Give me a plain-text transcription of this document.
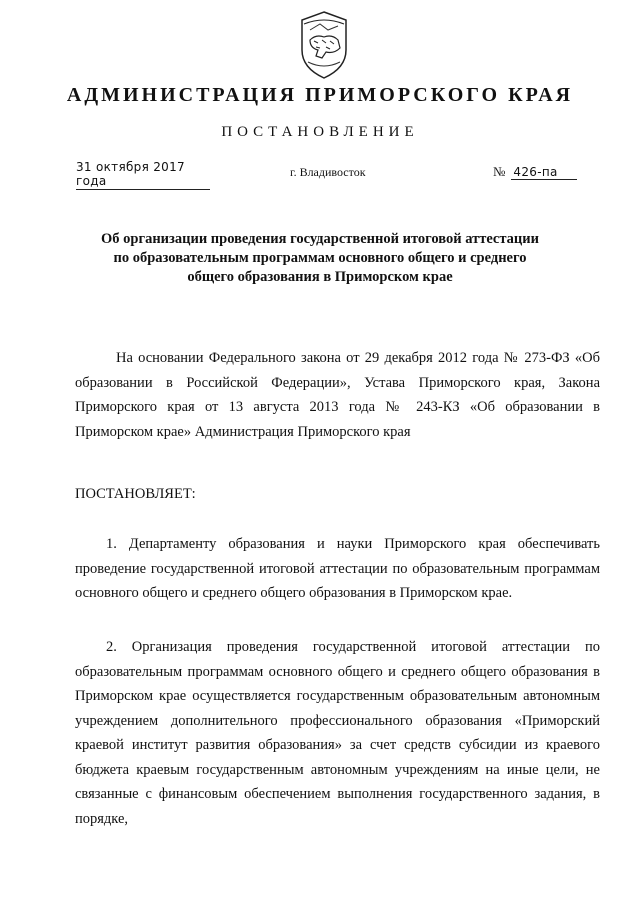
АДМИНИСТРАЦИЯ ПРИМОРСКОГО КРАЯ
ПОСТАНОВЛЕНИЕ
31 октября 2017 года
г. Владивосток	№ 426-па
Об организации проведения государственной итоговой аттестации по образовательным программам основного общего и среднего общего образования в Приморском крае
На основании Федерального закона от 29 декабря 2012 года № 273-ФЗ «Об образовании в Российской Федерации», Устава Приморского края, Закона Приморского края от 13 августа 2013 года № 243-КЗ «Об образовании в Приморском крае» Администрация Приморского края
ПОСТАНОВЛЯЕТ:
1. Департаменту образования и науки Приморского края обеспечивать проведение государственной итоговой аттестации по образовательным программам основного общего и среднего общего образования в Приморском крае.
2. Организация проведения государственной итоговой аттестации по образовательным программам основного общего и среднего общего образования в Приморском крае осуществляется государственным образовательным автономным учреждением дополнительного профессионального образования «Приморский краевой институт развития образования» за счет средств субсидии из краевого бюджета краевым государственным автономным учреждениям на иные цели, не связанные с финансовым обеспечением выполнения государственного задания, в порядке,
